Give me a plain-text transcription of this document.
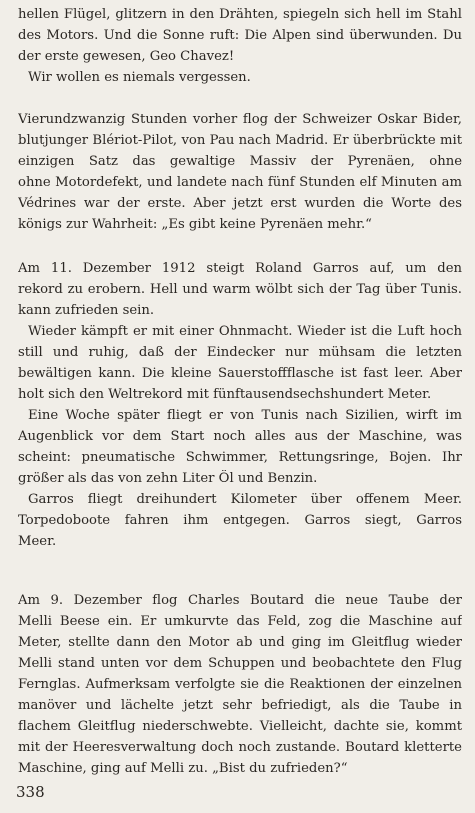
hellen Flügel, glitzern in den Drähten, spiegeln sich hell im Stahl
des Motors. Und die Sonne ruft: Die Alpen sind überwunden. Du
der erste gewesen, Geo Chavez!
Wir wollen es niemals vergessen.
Vierundzwanzig Stunden vorher flog der Schweizer Oskar Bider,
blutjunger Blériot-Pilot, von Pau nach Madrid. Er überbrückte mit
einzigen Satz das gewaltige Massiv der Pyrenäen, ohne
ohne Motordefekt, und landete nach fünf Stunden elf Minuten am
Védrines war der erste. Aber jetzt erst wurden die Worte des
königs zur Wahrheit: „Es gibt keine Pyrenäen mehr.“
Am 11. Dezember 1912 steigt Roland Garros auf, um den
rekord zu erobern. Hell und warm wölbt sich der Tag über Tunis.
kann zufrieden sein.
Wieder kämpft er mit einer Ohnmacht. Wieder ist die Luft hoch
still und ruhig, daß der Eindecker nur mühsam die letzten
bewältigen kann. Die kleine Sauerstoffflasche ist fast leer. Aber
holt sich den Weltrekord mit fünftausendsechshundert Meter.
Eine Woche später fliegt er von Tunis nach Sizilien, wirft im
Augenblick vor dem Start noch alles aus der Maschine, was
scheint: pneumatische Schwimmer, Rettungsringe, Bojen. Ihr
größer als das von zehn Liter Öl und Benzin.
Garros fliegt dreihundert Kilometer über offenem Meer.
Torpedoboote fahren ihm entgegen. Garros siegt, Garros
Meer.
Am 9. Dezember flog Charles Boutard die neue Taube der
Melli Beese ein. Er umkurvte das Feld, zog die Maschine auf
Meter, stellte dann den Motor ab und ging im Gleitflug wieder
Melli stand unten vor dem Schuppen und beobachtete den Flug
Fernglas. Aufmerksam verfolgte sie die Reaktionen der einzelnen
manöver und lächelte jetzt sehr befriedigt, als die Taube in
flachem Gleitflug niederschwebte. Vielleicht, dachte sie, kommt
mit der Heeresverwaltung doch noch zustande. Boutard kletterte
Maschine, ging auf Melli zu. „Bist du zufrieden?“
338
